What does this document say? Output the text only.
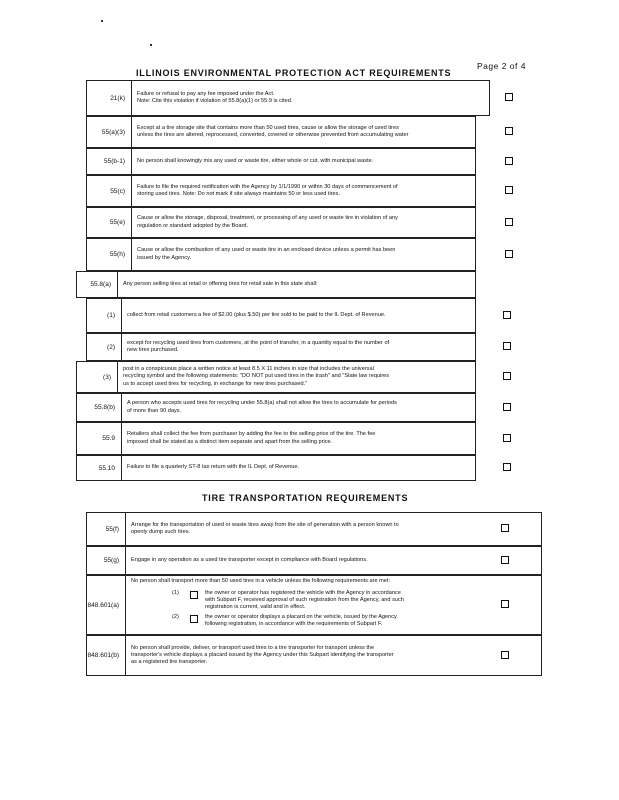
Page 2 of 4
ILLINOIS ENVIRONMENTAL PROTECTION ACT REQUIREMENTS
TIRE TRANSPORTATION REQUIREMENTS
21(k)
Failure or refusal to pay any fee imposed under the Act.
Note: Cite this violation if violation of 55.8(a)(1) or 55.9 is cited.
55(a)(3)
Except at a tire storage site that contains more than 50 used tires, cause or allow the storage of used tires
unless the tires are altered, reprocessed, converted, covered or otherwise prevented from accumulating water
55(b-1) No person shall knowingly mix any used or waste tire, either whole or cut, with municipal waste.
55(c)
Failure to file the required notification with the Agency by 1/1/1990 or within 30 days of commencement of
storing used tires. Note: Do not mark if site always maintains 50 or less used tires.
55(e)
Cause or allow the storage, disposal, treatment, or processing of any used or waste tire in violation of any
regulation or standard adopted by the Board.
55(h)
Cause or allow the combustion of any used or waste tire in an enclosed device unless a permit has been
issued by the Agency.
55.8(a) Any person selling tires at retail or offering tires for retail sale in this state shall:
(1) collect from retail customers a fee of $2.00 (plus $.50) per tire sold to be paid to the IL Dept. of Revenue.
(2)
except for recycling used tires from customers, at the point of transfer, in a quantity equal to the number of
new tires purchased.
(3)
post in a conspicuous place a written notice at least 8.5 X 11 inches in size that includes the universal
recycling symbol and the following statements: "DO NOT put used tires in the trash" and "State law requires
us to accept used tires for recycling, in exchange for new tires purchased."
55.8(b)
A person who accepts used tires for recycling under 55.8(a) shall not allow the tires to accumulate for periods
of more than 90 days.
55.9
Retailers shall collect the fee from purchaser by adding the fee to the selling price of the tire. The fee
imposed shall be stated as a distinct item separate and apart from the selling price.
55.10 Failure to file a quarterly ST-8 tax return with the IL Dept. of Revenue.
55(f)
Arrange for the transportation of used or waste tires away from the site of generation with a person known to
openly dump such tires.
55(g) Engage in any operation as a used tire transporter except in compliance with Board regulations.
848.601(a)
No person shall transport more than 50 used tires in a vehicle unless the following requirements are met:
(1)	the owner or operator has registered the vehicle with the Agency in accordance
with Subpart F, received approval of such registration from the Agency, and such
registration is current, valid and in effect.
(2)	the owner or operator displays a placard on the vehicle, issued by the Agency
following registration, in accordance with the requirements of Subpart F.
848.601(b)
No person shall provide, deliver, or transport used tires to a tire transporter for transport unless the
transporter's vehicle displays a placard issued by the Agency under this Subpart identifying the transporter
as a registered tire transporter.
